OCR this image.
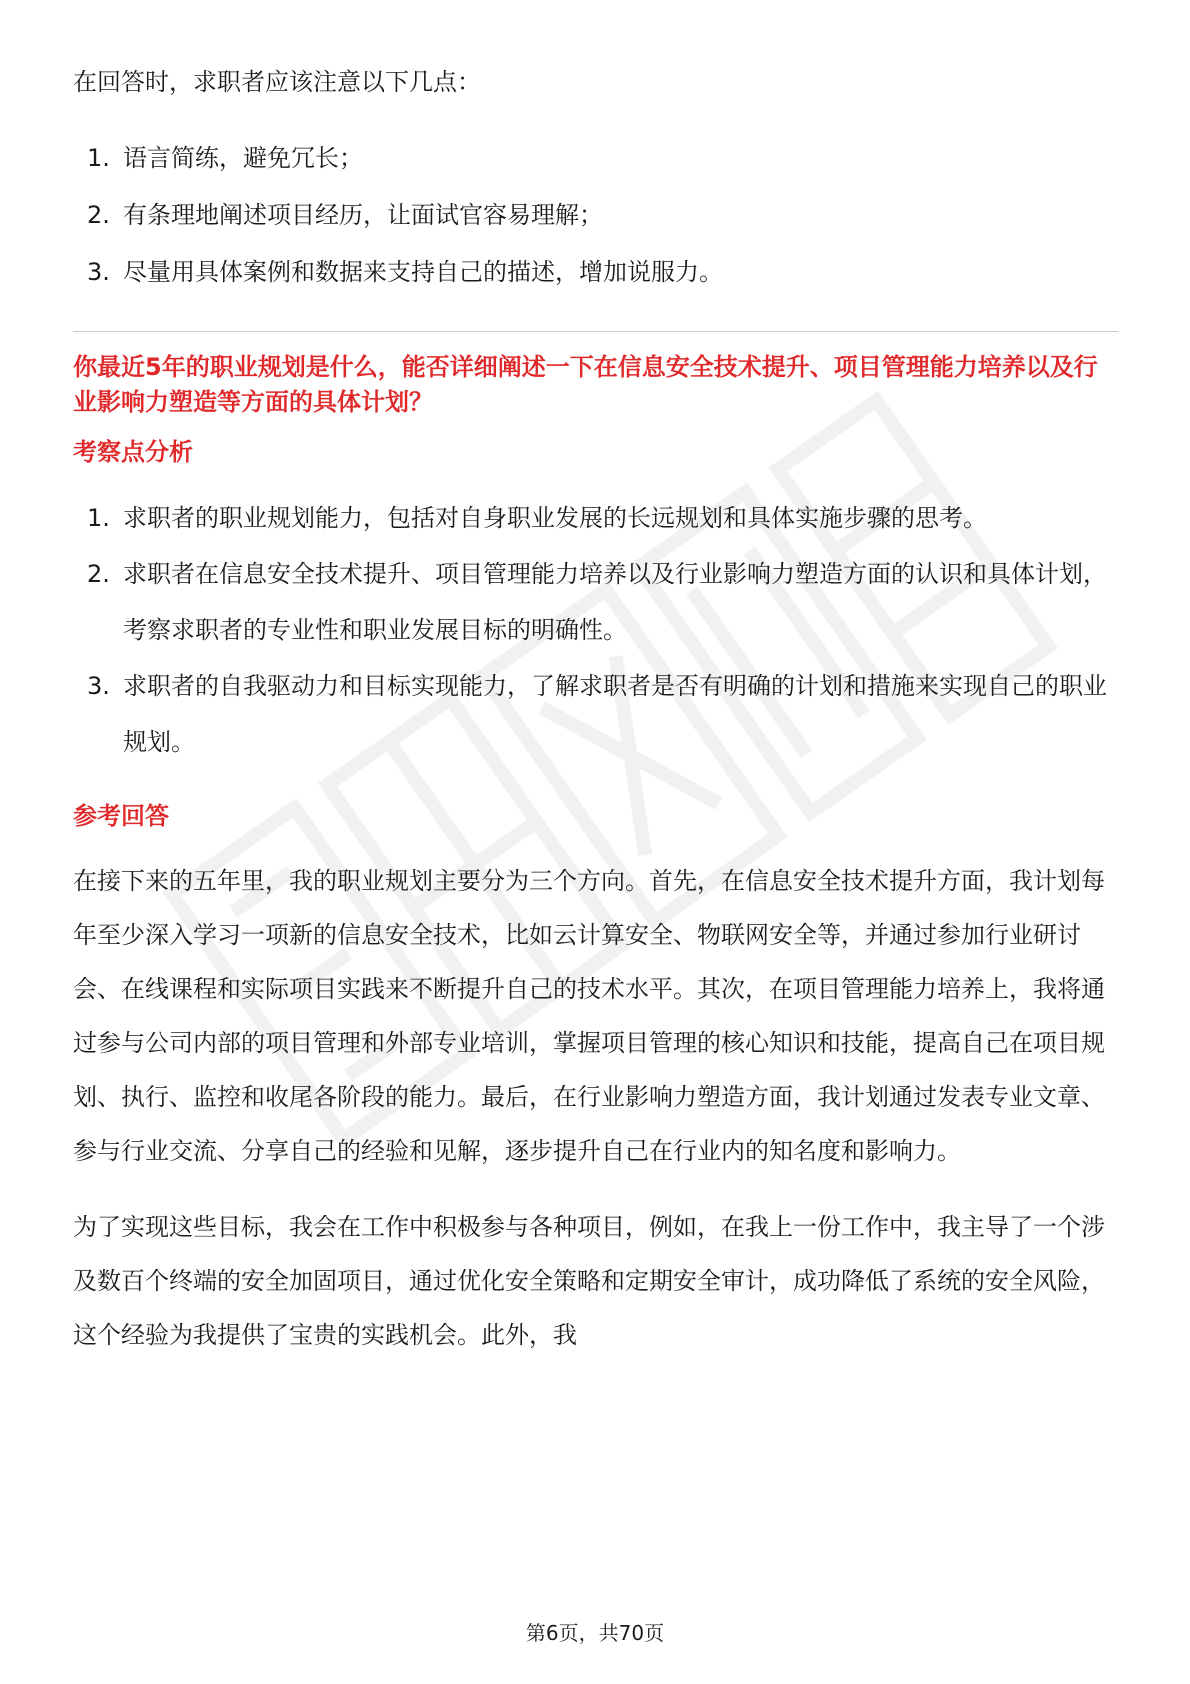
在回答时，求职者应该注意以下几点：

1. 语言简练，避免冗长；
2. 有条理地阐述项目经历，让面试官容易理解；
3. 尽量用具体案例和数据来支持自己的描述，增加说服力。

你最近5年的职业规划是什么，能否详细阐述一下在信息安全技术提升、项目管理能力培养以及行业影响力塑造等方面的具体计划？

考察点分析
1. 求职者的职业规划能力，包括对自身职业发展的长远规划和具体实施步骤的思考。
2. 求职者在信息安全技术提升、项目管理能力培养以及行业影响力塑造方面的认识和具体计划，考察求职者的专业性和职业发展目标的明确性。
3. 求职者的自我驱动力和目标实现能力，了解求职者是否有明确的计划和措施来实现自己的职业规划。
参考回答

在接下来的五年里，我的职业规划主要分为三个方向。首先，在信息安全技术提升方面，我计划每年至少深入学习一项新的信息安全技术，比如云计算安全、物联网安全等，并通过参加行业研讨会、在线课程和实际项目实践来不断提升自己的技术水平。其次，在项目管理能力培养上，我将通过参与公司内部的项目管理和外部专业培训，掌握项目管理的核心知识和技能，提高自己在项目规划、执行、监控和收尾各阶段的能力。最后，在行业影响力塑造方面，我计划通过发表专业文章、参与行业交流、分享自己的经验和见解，逐步提升自己在行业内的知名度和影响力。

为了实现这些目标，我会在工作中积极参与各种项目，例如，在我上一份工作中，我主导了一个涉及数百个终端的安全加固项目，通过优化安全策略和定期安全审计，成功降低了系统的安全风险，这个经验为我提供了宝贵的实践机会。此外，我

第6页，共70页
